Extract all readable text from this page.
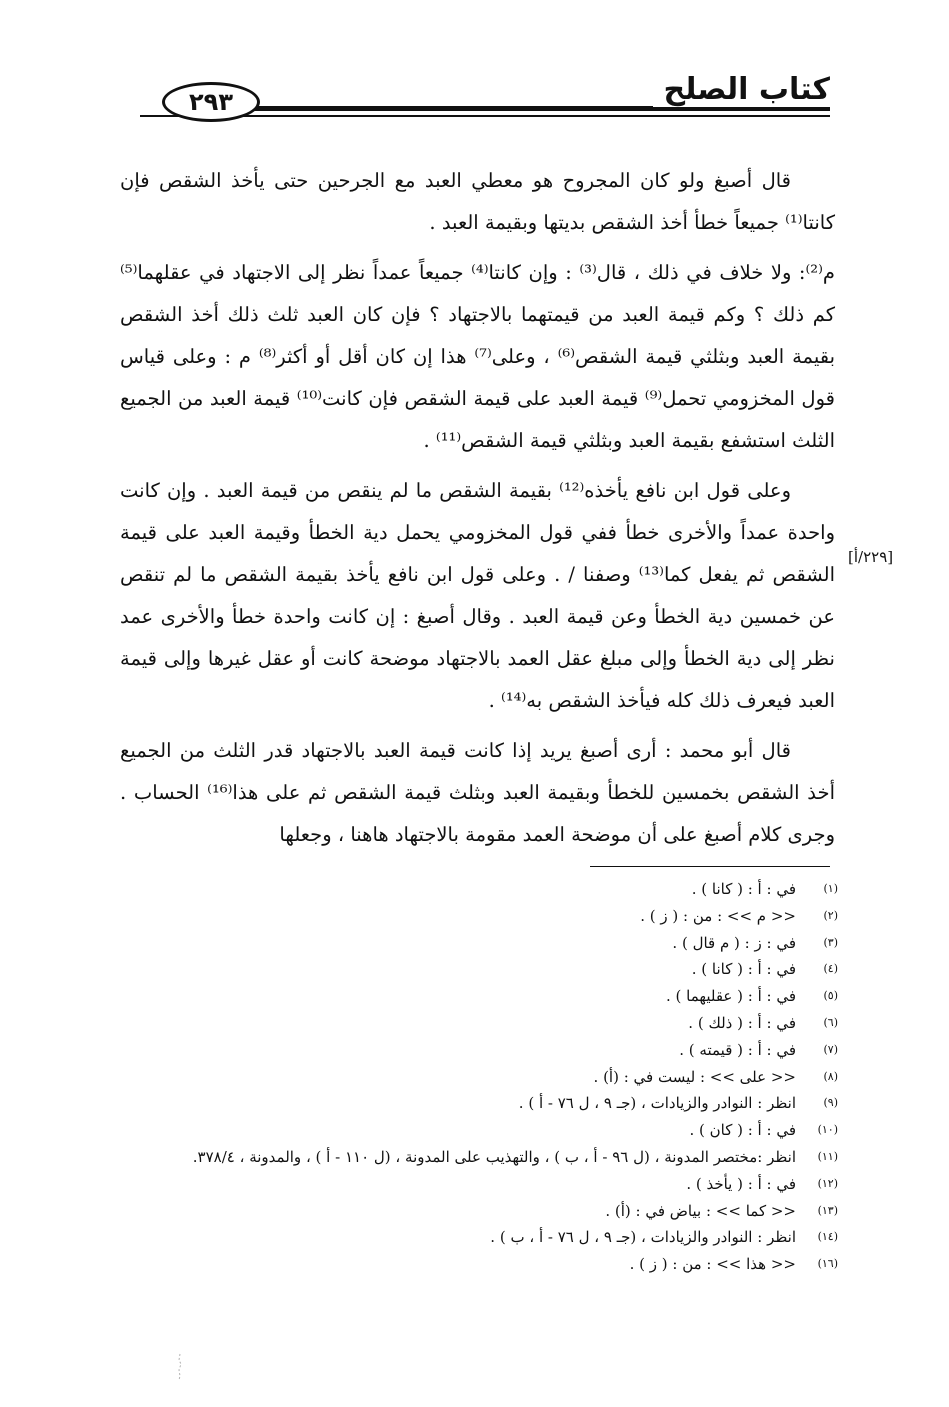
كتاب الصلح
٢٩٣

قال أصبغ ولو كان المجروح هو معطي العبد مع الجرحين حتى يأخذ الشقص فإن كانتا⁽¹⁾ جميعاً خطأ أخذ الشقص بديتها وبقيمة العبد .

م⁽²⁾: ولا خلاف في ذلك ، قال⁽³⁾ : وإن كانتا⁽⁴⁾ جميعاً عمداً نظر إلى الاجتهاد في عقلهما⁽⁵⁾ كم ذلك ؟ وكم قيمة العبد من قيمتهما بالاجتهاد ؟ فإن كان العبد ثلث ذلك أخذ الشقص بقيمة العبد وبثلثي قيمة الشقص⁽⁶⁾ ، وعلى⁽⁷⁾ هذا إن كان أقل أو أكثر⁽⁸⁾ م : وعلى قياس قول المخزومي تحمل⁽⁹⁾ قيمة العبد على قيمة الشقص فإن كانت⁽¹⁰⁾ قيمة العبد من الجميع الثلث استشفع بقيمة العبد وبثلثي قيمة الشقص⁽¹¹⁾ .

وعلى قول ابن نافع يأخذه⁽¹²⁾ بقيمة الشقص ما لم ينقص من قيمة العبد . وإن كانت واحدة عمداً والأخرى خطأ ففي قول المخزومي يحمل دية الخطأ وقيمة العبد على قيمة الشقص ثم يفعل كما⁽¹³⁾ وصفنا / . وعلى قول ابن نافع يأخذ بقيمة الشقص ما لم تنقص عن خمسين دية الخطأ وعن قيمة العبد . وقال أصبغ : إن كانت واحدة خطأ والأخرى عمد نظر إلى دية الخطأ وإلى مبلغ عقل العمد بالاجتهاد موضحة كانت أو عقل غيرها وإلى قيمة العبد فيعرف ذلك كله فيأخذ الشقص به⁽¹⁴⁾ .

قال أبو محمد : أرى أصبغ يريد إذا كانت قيمة العبد بالاجتهاد قدر الثلث من الجميع أخذ الشقص بخمسين للخطأ وبقيمة العبد وبثلث قيمة الشقص ثم على هذا⁽¹⁶⁾ الحساب . وجرى كلام أصبغ على أن موضحة العمد مقومة بالاجتهاد هاهنا ، وجعلها

[٢٢٩/أ]
(١)
في : أ : ( كانا ) .
(٢)
<< م >> : من : ( ز ) .
(٣)
في : ز : ( م قال ) .
(٤)
في : أ : ( كانا ) .
(٥)
في : أ : ( عقليهما ) .
(٦)
في : أ : ( ذلك ) .
(٧)
في : أ : ( قيمته ) .
(٨)
<< على >> : ليست في : (أ) .
(٩)
انظر : النوادر والزيادات ، (جـ ٩ ، ل ٧٦ - أ ) .
(١٠)
في : أ : ( كان ) .
(١١)
انظر :مختصر المدونة ، (ل ٩٦ - أ ، ب ) ، والتهذيب على المدونة ، (ل ١١٠ - أ ) ، والمدونة ، ٣٧٨/٤.
(١٢)
في : أ : ( يأخذ ) .
(١٣)
<< كما >> : بياض في : (أ) .
(١٤)
انظر : النوادر والزيادات ، (جـ ٩ ، ل ٧٦ - أ ، ب ) .
(١٦)
<< هذا >> : من : ( ز ) .
